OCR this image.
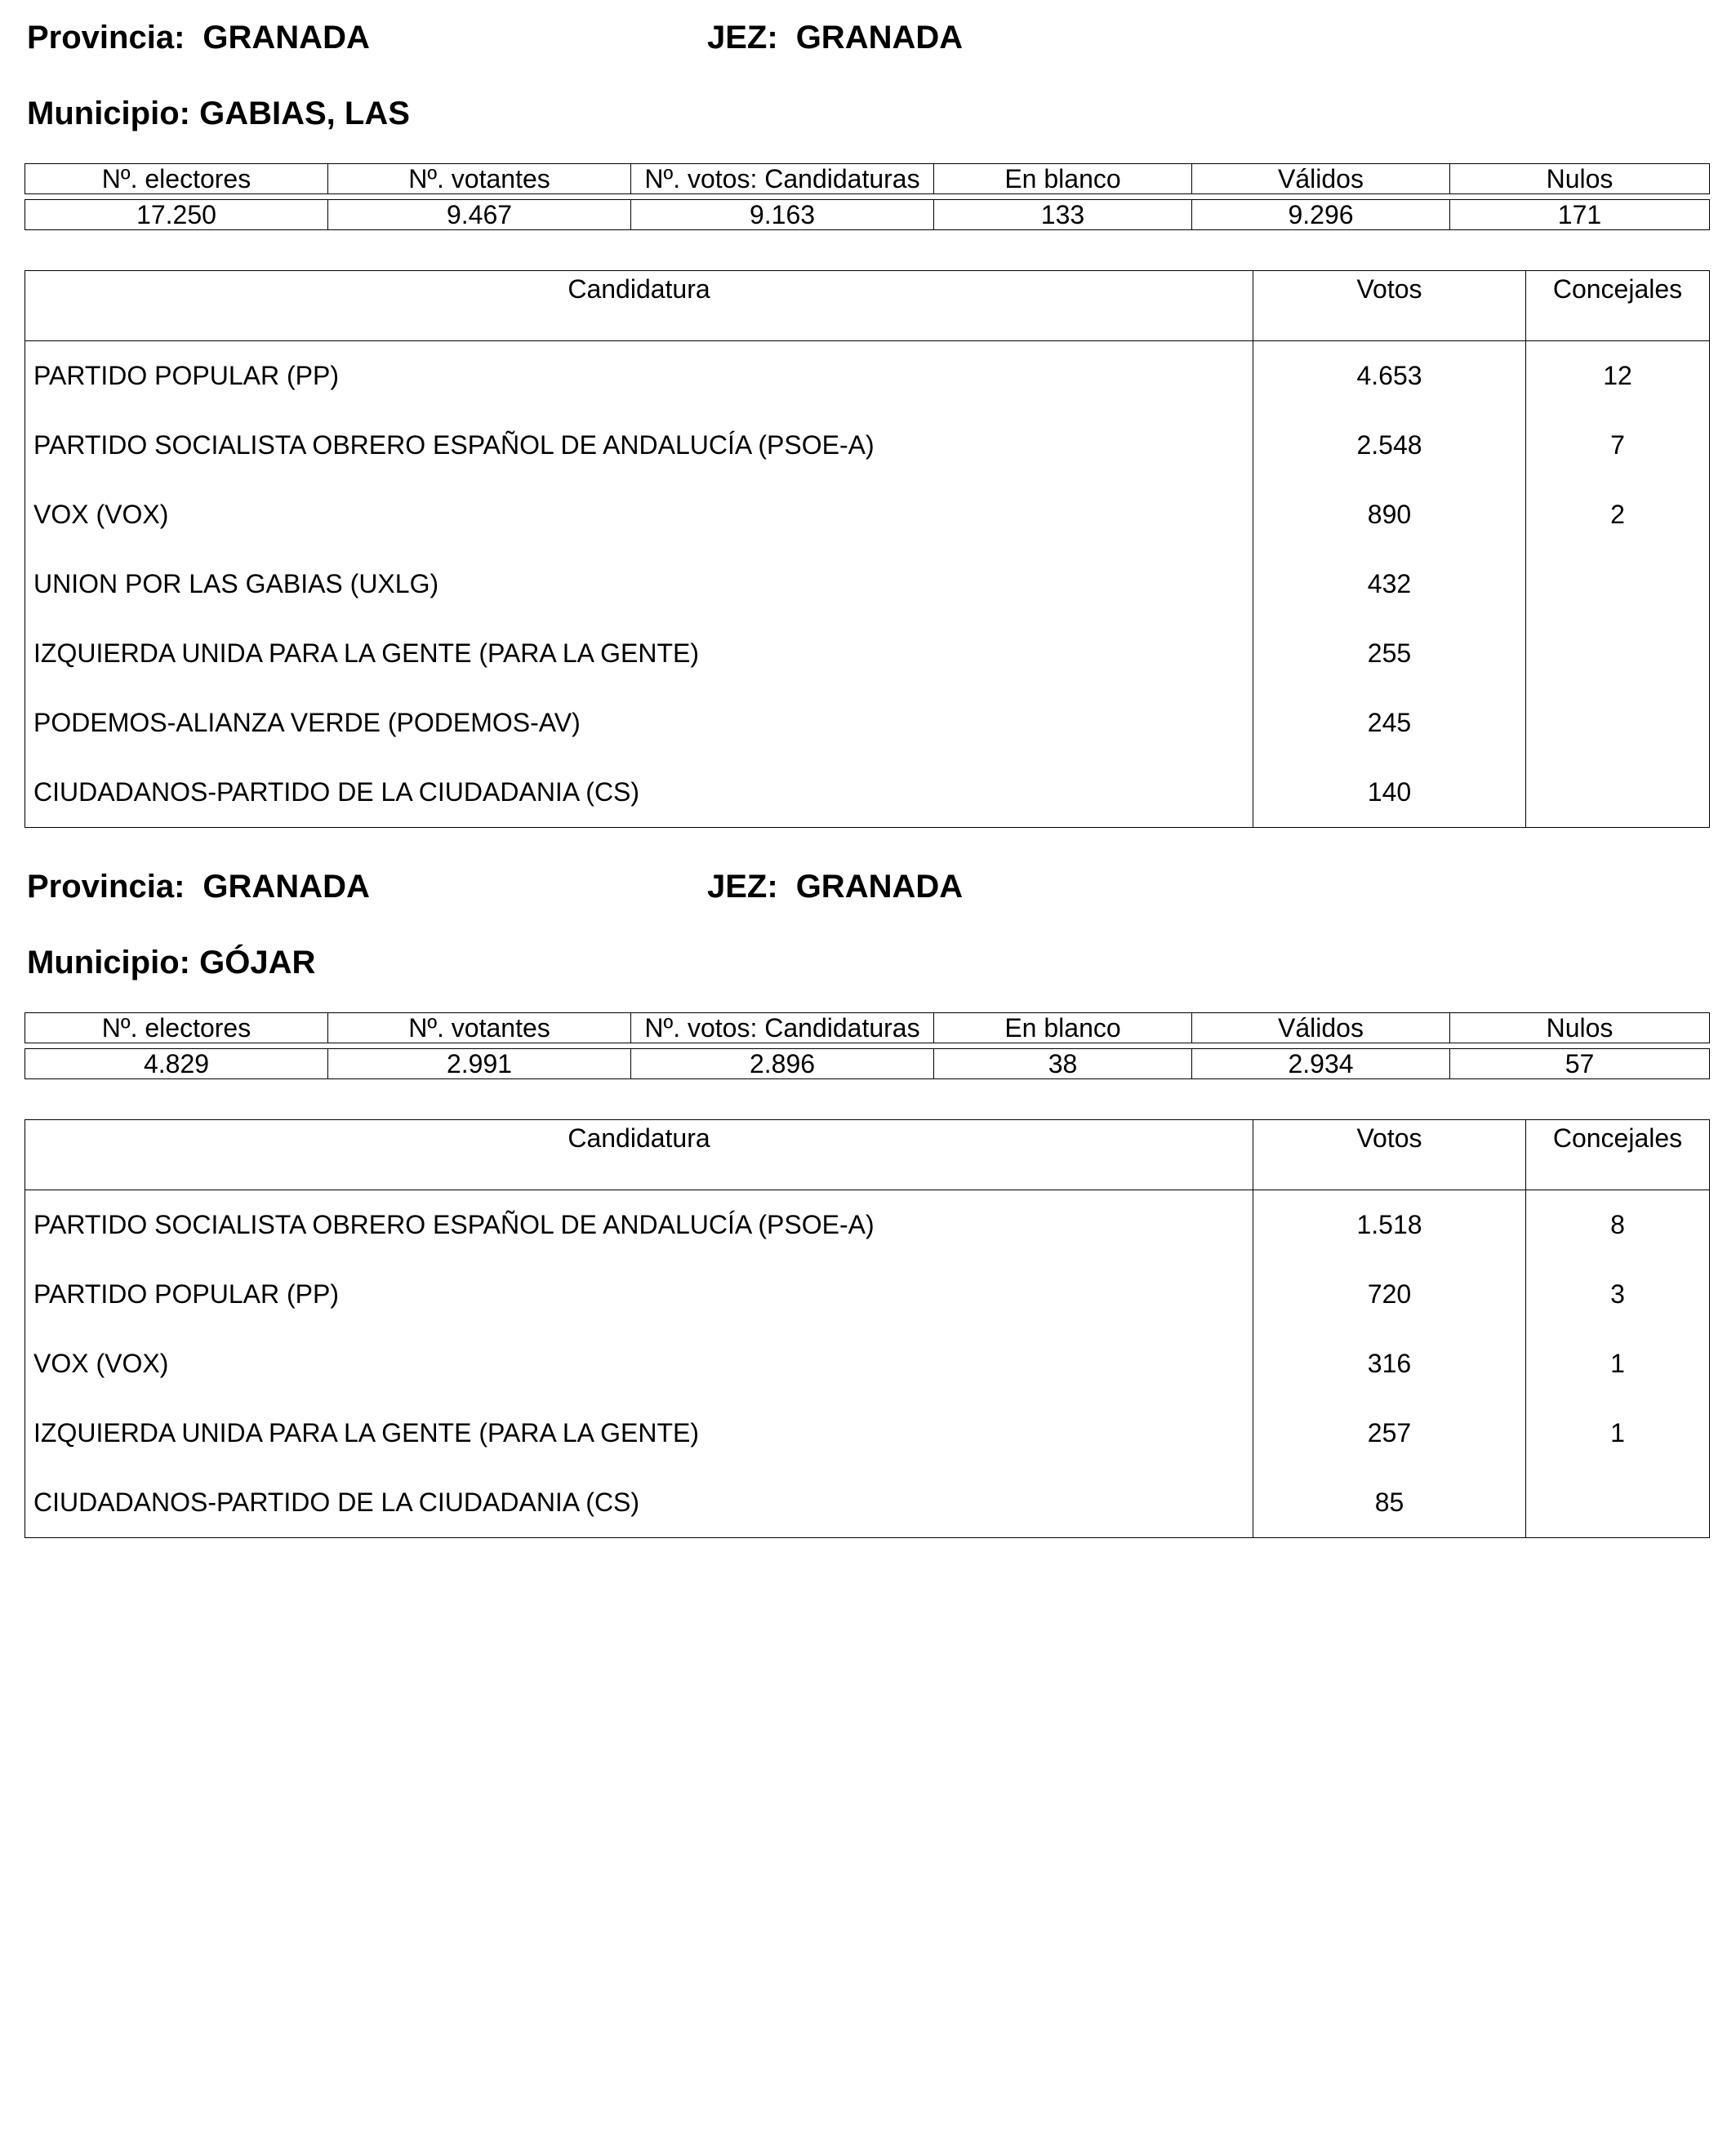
Provincia: GRANADA	JEZ: GRANADA
Municipio: GABIAS, LAS
Nº. electores	Nº. votantes	Nº. votos: Candidaturas	En blanco	Válidos	Nulos

17.250	9.467	9.163	133	9.296	171
Candidatura	Votos	Concejales
PARTIDO POPULAR (PP)	4.653	12
PARTIDO SOCIALISTA OBRERO ESPAÑOL DE ANDALUCÍA (PSOE-A)	2.548	7
VOX (VOX)	890	2
UNION POR LAS GABIAS (UXLG)	432	
IZQUIERDA UNIDA PARA LA GENTE (PARA LA GENTE)	255	
PODEMOS-ALIANZA VERDE (PODEMOS-AV)	245	
CIUDADANOS-PARTIDO DE LA CIUDADANIA (CS)	140	
Provincia: GRANADA	JEZ: GRANADA
Municipio: GÓJAR
Nº. electores	Nº. votantes	Nº. votos: Candidaturas	En blanco	Válidos	Nulos

4.829	2.991	2.896	38	2.934	57
Candidatura	Votos	Concejales
PARTIDO SOCIALISTA OBRERO ESPAÑOL DE ANDALUCÍA (PSOE-A)	1.518	8
PARTIDO POPULAR (PP)	720	3
VOX (VOX)	316	1
IZQUIERDA UNIDA PARA LA GENTE (PARA LA GENTE)	257	1
CIUDADANOS-PARTIDO DE LA CIUDADANIA (CS)	85	
